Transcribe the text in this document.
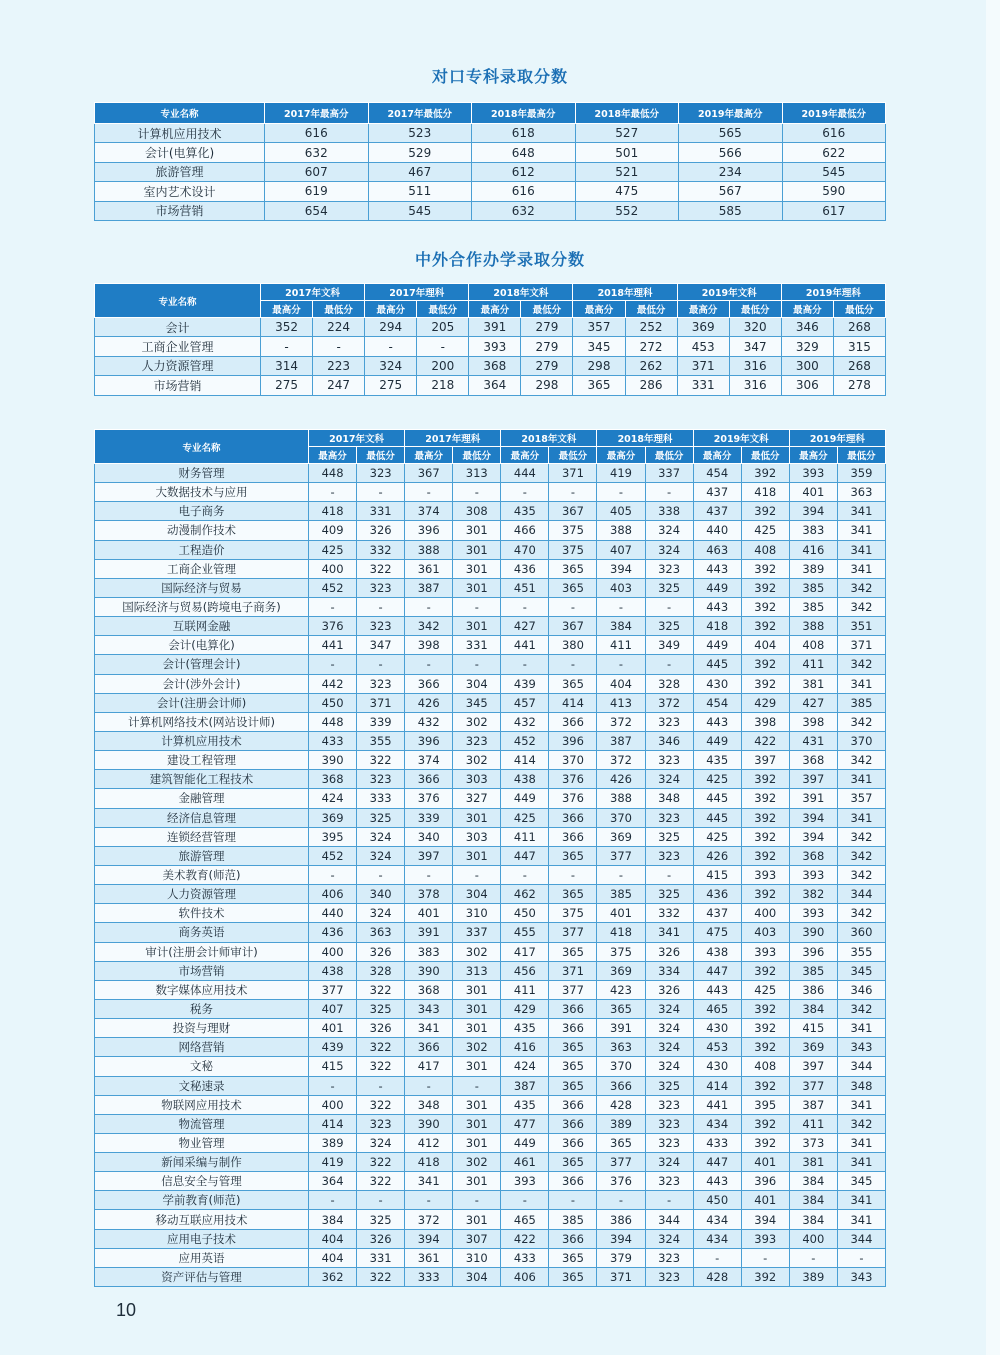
对口专科录取分数
专业名称	2017年最高分	2017年最低分	2018年最高分	2018年最低分	2019年最高分	2019年最低分
计算机应用技术	616	523	618	527	565	616
会计(电算化)	632	529	648	501	566	622
旅游管理	607	467	612	521	234	545
室内艺术设计	619	511	616	475	567	590
市场营销	654	545	632	552	585	617
中外合作办学录取分数
专业名称	2017年文科		2017年理科		2018年文科		2018年理科		2019年文科		2019年理科	
	最高分	最低分	最高分	最低分	最高分	最低分	最高分	最低分	最高分	最低分	最高分	最低分
会计	352	224	294	205	391	279	357	252	369	320	346	268
工商企业管理	-	-	-	-	393	279	345	272	453	347	329	315
人力资源管理	314	223	324	200	368	279	298	262	371	316	300	268
市场营销	275	247	275	218	364	298	365	286	331	316	306	278
专业名称	2017年文科		2017年理科		2018年文科		2018年理科		2019年文科		2019年理科	
	最高分	最低分	最高分	最低分	最高分	最低分	最高分	最低分	最高分	最低分	最高分	最低分
财务管理	448	323	367	313	444	371	419	337	454	392	393	359
大数据技术与应用	-	-	-	-	-	-	-	-	437	418	401	363
电子商务	418	331	374	308	435	367	405	338	437	392	394	341
动漫制作技术	409	326	396	301	466	375	388	324	440	425	383	341
工程造价	425	332	388	301	470	375	407	324	463	408	416	341
工商企业管理	400	322	361	301	436	365	394	323	443	392	389	341
国际经济与贸易	452	323	387	301	451	365	403	325	449	392	385	342
国际经济与贸易(跨境电子商务)	-	-	-	-	-	-	-	-	443	392	385	342
互联网金融	376	323	342	301	427	367	384	325	418	392	388	351
会计(电算化)	441	347	398	331	441	380	411	349	449	404	408	371
会计(管理会计)	-	-	-	-	-	-	-	-	445	392	411	342
会计(涉外会计)	442	323	366	304	439	365	404	328	430	392	381	341
会计(注册会计师)	450	371	426	345	457	414	413	372	454	429	427	385
计算机网络技术(网站设计师)	448	339	432	302	432	366	372	323	443	398	398	342
计算机应用技术	433	355	396	323	452	396	387	346	449	422	431	370
建设工程管理	390	322	374	302	414	370	372	323	435	397	368	342
建筑智能化工程技术	368	323	366	303	438	376	426	324	425	392	397	341
金融管理	424	333	376	327	449	376	388	348	445	392	391	357
经济信息管理	369	325	339	301	425	366	370	323	445	392	394	341
连锁经营管理	395	324	340	303	411	366	369	325	425	392	394	342
旅游管理	452	324	397	301	447	365	377	323	426	392	368	342
美术教育(师范)	-	-	-	-	-	-	-	-	415	393	393	342
人力资源管理	406	340	378	304	462	365	385	325	436	392	382	344
软件技术	440	324	401	310	450	375	401	332	437	400	393	342
商务英语	436	363	391	337	455	377	418	341	475	403	390	360
审计(注册会计师审计)	400	326	383	302	417	365	375	326	438	393	396	355
市场营销	438	328	390	313	456	371	369	334	447	392	385	345
数字媒体应用技术	377	322	368	301	411	377	423	326	443	425	386	346
税务	407	325	343	301	429	366	365	324	465	392	384	342
投资与理财	401	326	341	301	435	366	391	324	430	392	415	341
网络营销	439	322	366	302	416	365	363	324	453	392	369	343
文秘	415	322	417	301	424	365	370	324	430	408	397	344
文秘速录	-	-	-	-	387	365	366	325	414	392	377	348
物联网应用技术	400	322	348	301	435	366	428	323	441	395	387	341
物流管理	414	323	390	301	477	366	389	323	434	392	411	342
物业管理	389	324	412	301	449	366	365	323	433	392	373	341
新闻采编与制作	419	322	418	302	461	365	377	324	447	401	381	341
信息安全与管理	364	322	341	301	393	366	376	323	443	396	384	345
学前教育(师范)	-	-	-	-	-	-	-	-	450	401	384	341
移动互联应用技术	384	325	372	301	465	385	386	344	434	394	384	341
应用电子技术	404	326	394	307	422	366	394	324	434	393	400	344
应用英语	404	331	361	310	433	365	379	323	-	-	-	-
资产评估与管理	362	322	333	304	406	365	371	323	428	392	389	343
10
